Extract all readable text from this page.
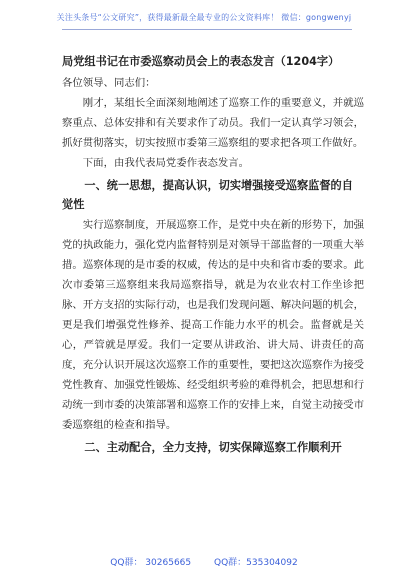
关注头条号“公文研究”，获得最新最全最专业的公文资料库！ 微信：gongwenyj
局党组书记在市委巡察动员会上的表态发言（1204字）

各位领导、同志们：

刚才，某组长全面深刻地阐述了巡察工作的重要意义，并就巡察重点、总体安排和有关要求作了动员。我们一定认真学习领会，抓好贯彻落实，切实按照市委第三巡察组的要求把各项工作做好。

下面，由我代表局党委作表态发言。

一、统一思想，提高认识，切实增强接受巡察监督的自觉性

实行巡察制度，开展巡察工作，是党中央在新的形势下，加强党的执政能力，强化党内监督特别是对领导干部监督的一项重大举措。巡察体现的是市委的权威，传达的是中央和省市委的要求。此次市委第三巡察组来我局巡察指导，就是为农业农村工作坐诊把脉、开方支招的实际行动，也是我们发现问题、解决问题的机会，更是我们增强党性修养、提高工作能力水平的机会。监督就是关心，严管就是厚爱。我们一定要从讲政治、讲大局、讲责任的高度，充分认识开展这次巡察工作的重要性，要把这次巡察作为接受党性教育、加强党性锻炼、经受组织考验的难得机会，把思想和行动统一到市委的决策部署和巡察工作的安排上来，自觉主动接受市委巡察组的检查和指导。

二、主动配合，全力支持，切实保障巡察工作顺利开
QQ群： 30265665	QQ群：535304092
